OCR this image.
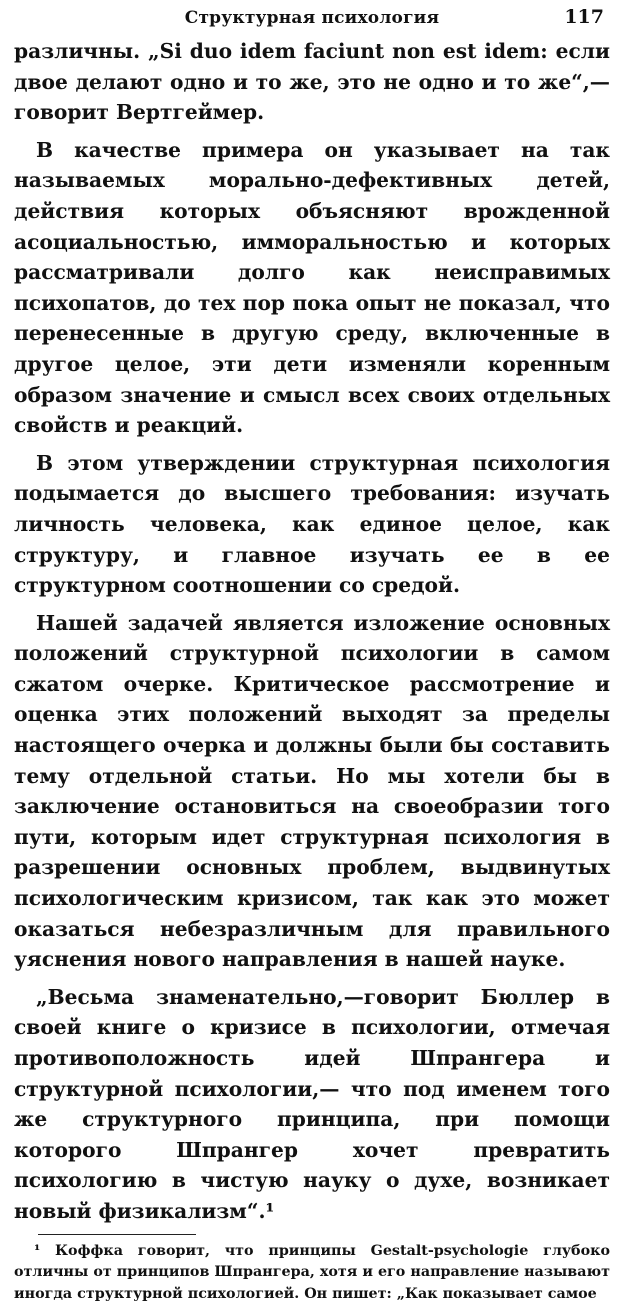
Структурная психология	117

различны. „Si duo idem faciunt non est idem: если двое делают одно и то же, это не одно и то же“,—говорит Вертгеймер.

В качестве примера он указывает на так называемых морально-дефективных детей, действия которых объясняют врожденной асоциальностью, имморальностью и которых рассматривали долго как неисправимых психопатов, до тех пор пока опыт не показал, что перенесенные в другую среду, включенные в другое целое, эти дети изменяли коренным образом значение и смысл всех своих отдельных свойств и реакций.

В этом утверждении структурная психология подымается до высшего требования: изучать личность человека, как единое целое, как структуру, и главное изучать ее в ее структурном соотношении со средой.

Нашей задачей является изложение основных положений структурной психологии в самом сжатом очерке. Критическое рассмотрение и оценка этих положений выходят за пределы настоящего очерка и должны были бы составить тему отдельной статьи. Но мы хотели бы в заключение остановиться на своеобразии того пути, которым идет структурная психология в разрешении основных проблем, выдвинутых психологическим кризисом, так как это может оказаться небезразличным для правильного уяснения нового направления в нашей науке.

„Весьма знаменательно,—говорит Бюллер в своей книге о кризисе в психологии, отмечая противоположность идей Шпрангера и структурной психологии,— что под именем того же структурного принципа, при помощи которого Шпрангер хочет превратить психологию в чистую науку о духе, возникает новый физикализм“.¹

¹ Коффка говорит, что принципы Gestalt-psychologie глубоко отличны от принципов Шпрангера, хотя и его направление называют иногда структурной психологией. Он пишет: „Как показывает самое
